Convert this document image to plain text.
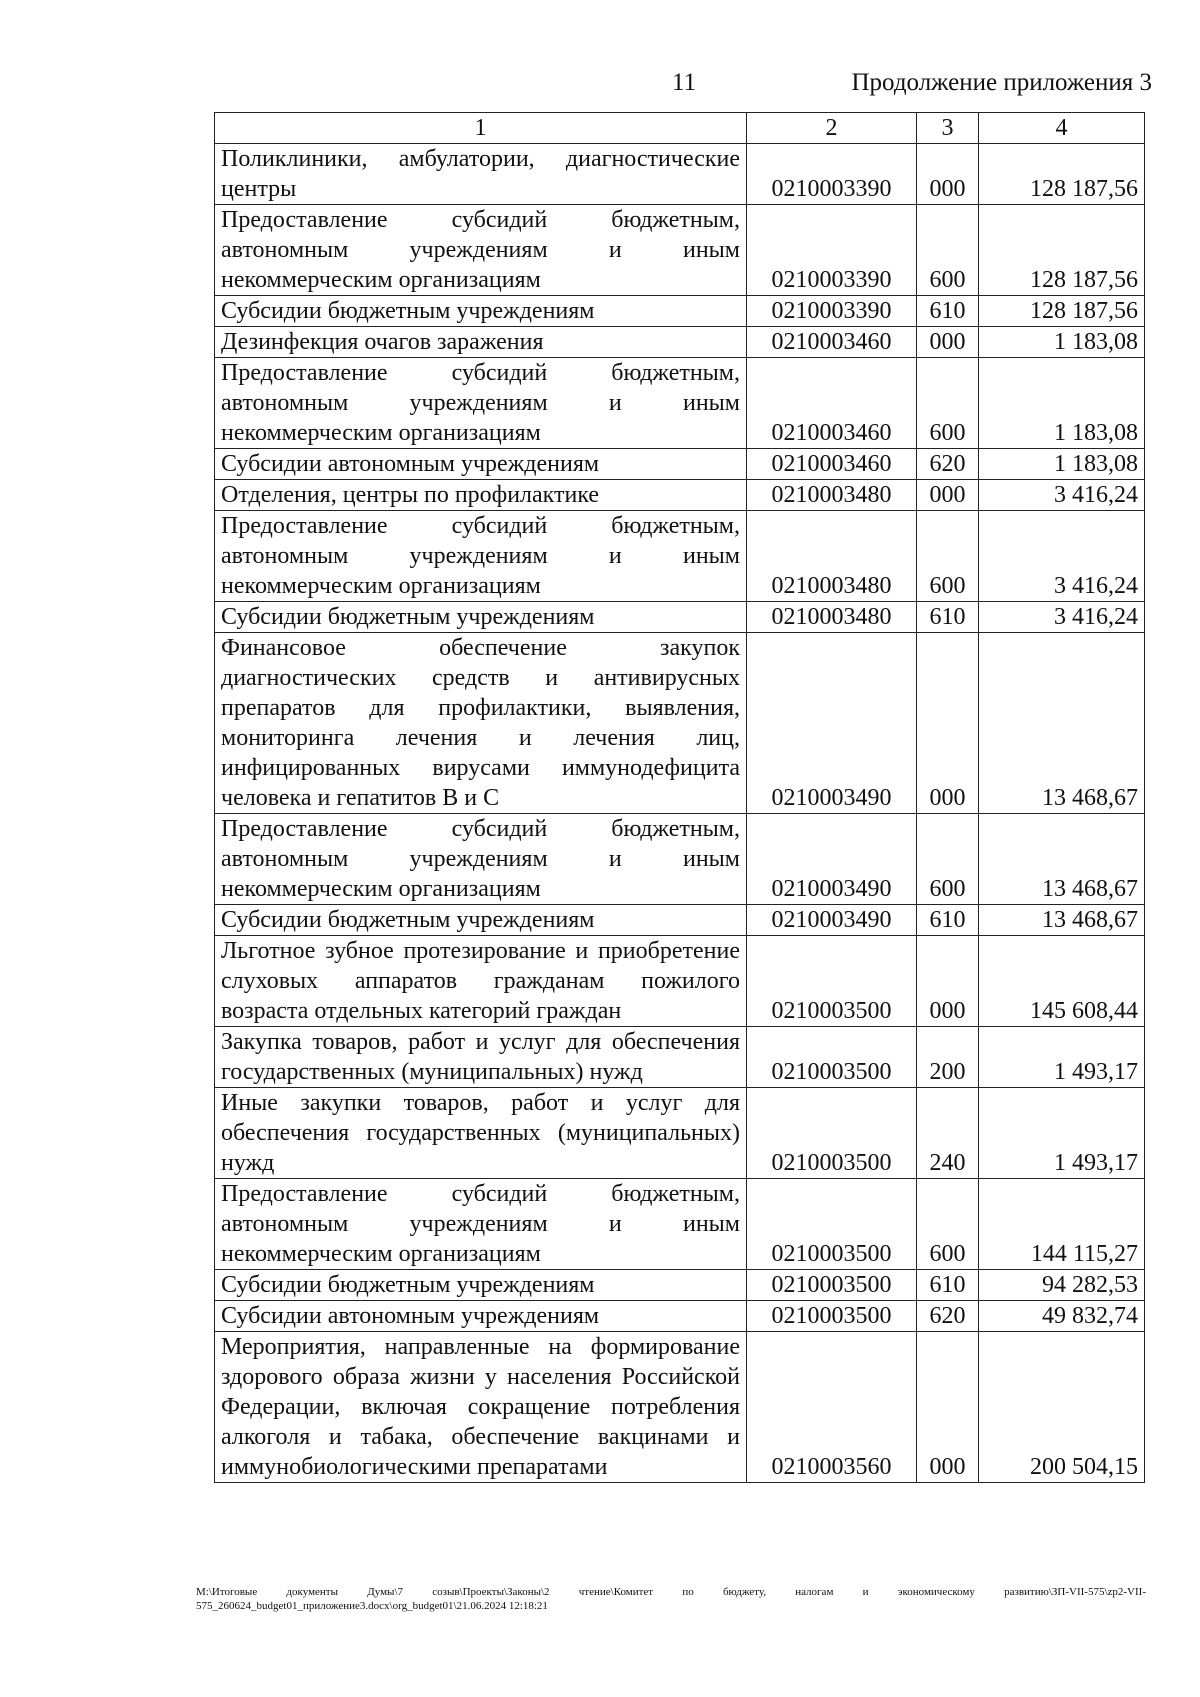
11	Продолжение приложения 3
1	2	3	4
Поликлиники, амбулатории, диагностические центры	0210003390	000	128 187,56
Предоставление субсидий бюджетным, автономным учреждениям и иным некоммерческим организациям	0210003390	600	128 187,56
Субсидии бюджетным учреждениям	0210003390	610	128 187,56
Дезинфекция очагов заражения	0210003460	000	1 183,08
Предоставление субсидий бюджетным, автономным учреждениям и иным некоммерческим организациям	0210003460	600	1 183,08
Субсидии автономным учреждениям	0210003460	620	1 183,08
Отделения, центры по профилактике	0210003480	000	3 416,24
Предоставление субсидий бюджетным, автономным учреждениям и иным некоммерческим организациям	0210003480	600	3 416,24
Субсидии бюджетным учреждениям	0210003480	610	3 416,24
Финансовое обеспечение закупок диагностических средств и антивирусных препаратов для профилактики, выявления, мониторинга лечения и лечения лиц, инфицированных вирусами иммунодефицита человека и гепатитов В и С	0210003490	000	13 468,67
Предоставление субсидий бюджетным, автономным учреждениям и иным некоммерческим организациям	0210003490	600	13 468,67
Субсидии бюджетным учреждениям	0210003490	610	13 468,67
Льготное зубное протезирование и приобретение слуховых аппаратов гражданам пожилого возраста отдельных категорий граждан	0210003500	000	145 608,44
Закупка товаров, работ и услуг для обеспечения государственных (муниципальных) нужд	0210003500	200	1 493,17
Иные закупки товаров, работ и услуг для обеспечения государственных (муниципальных) нужд	0210003500	240	1 493,17
Предоставление субсидий бюджетным, автономным учреждениям и иным некоммерческим организациям	0210003500	600	144 115,27
Субсидии бюджетным учреждениям	0210003500	610	94 282,53
Субсидии автономным учреждениям	0210003500	620	49 832,74
Мероприятия, направленные на формирование здорового образа жизни у населения Российской Федерации, включая сокращение потребления алкоголя и табака, обеспечение вакцинами и иммунобиологическими препаратами	0210003560	000	200 504,15
М:\Итоговые документы Думы\7 созыв\Проекты\Законы\2 чтение\Комитет по бюджету, налогам и экономическому развитию\ЗП-VII-575\zp2-VII-575_260624_budget01_приложение3.docx\org_budget01\21.06.2024 12:18:21
